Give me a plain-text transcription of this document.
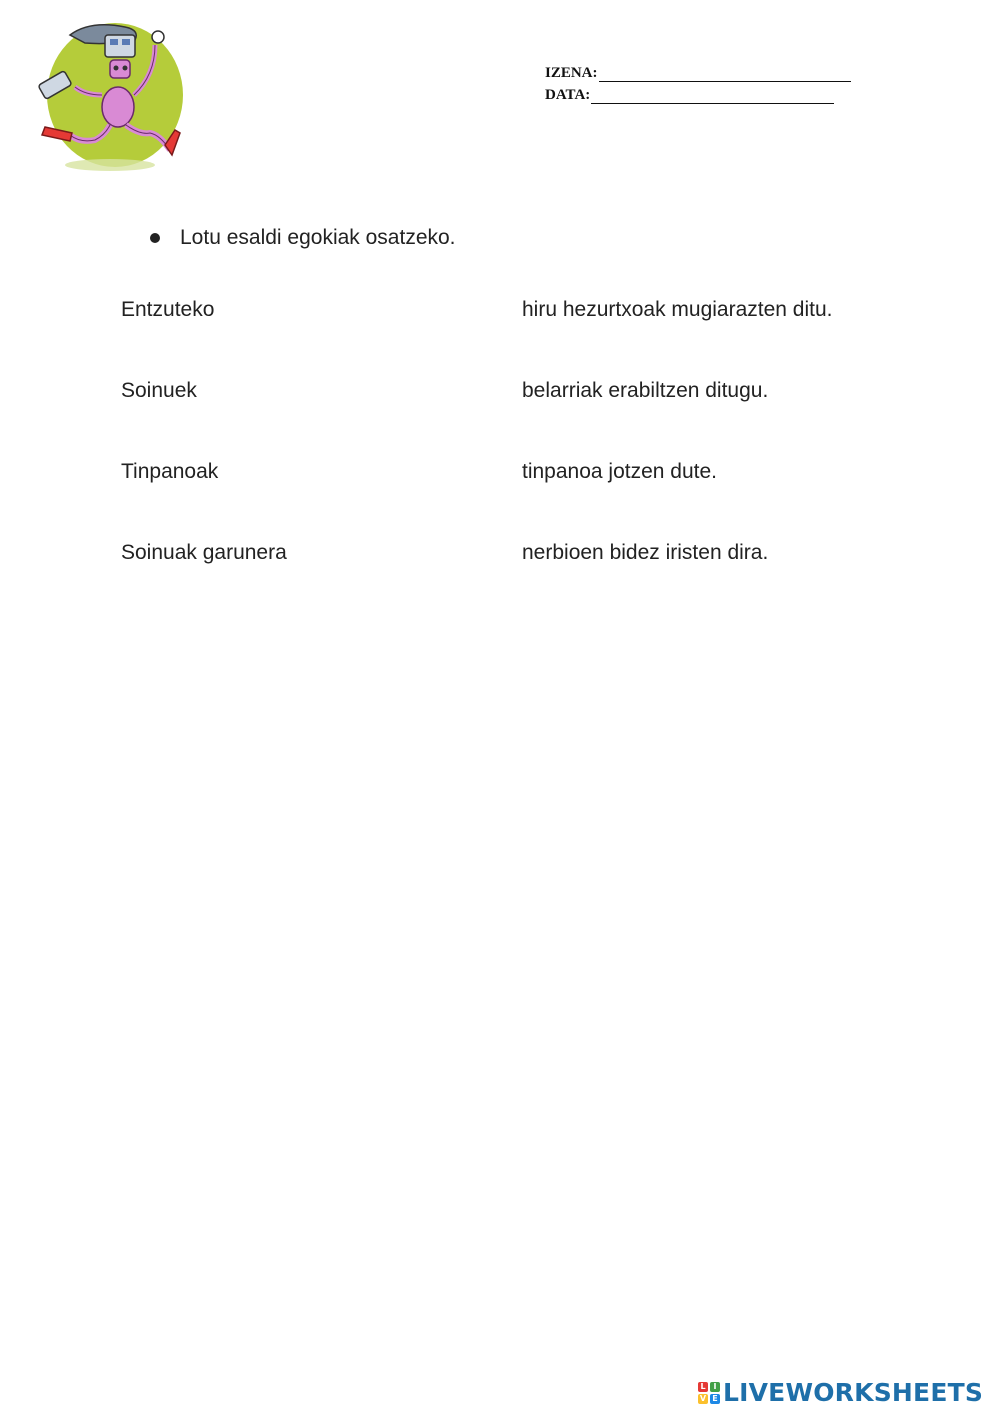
IZENA:
DATA:
Lotu esaldi egokiak osatzeko.
Entzuteko	hiru hezurtxoak mugiarazten ditu.
Soinuek	belarriak erabiltzen ditugu.
Tinpanoak	tinpanoa jotzen dute.
Soinuak garunera	nerbioen bidez iristen dira.
L I
V E LIVEWORKSHEETS
